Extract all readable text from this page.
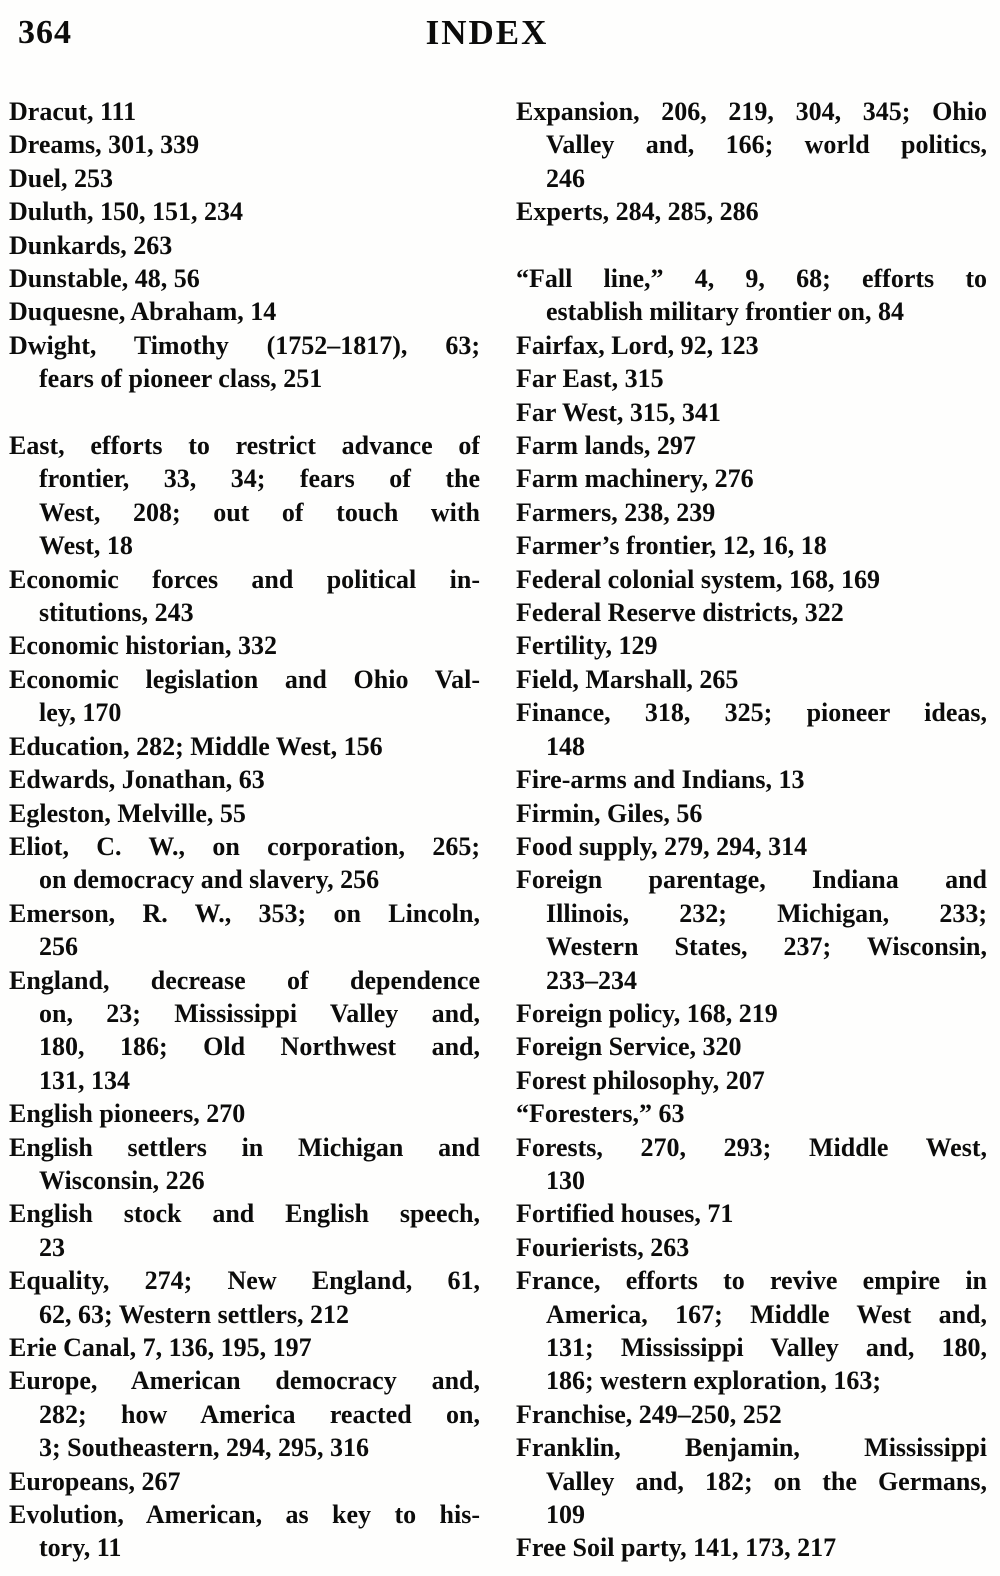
364	INDEX
Dracut, 111
Dreams, 301, 339
Duel, 253
Duluth, 150, 151, 234
Dunkards, 263
Dunstable, 48, 56
Duquesne, Abraham, 14
Dwight, Timothy (1752–1817), 63;
fears of pioneer class, 251
East, efforts to restrict advance of
frontier, 33, 34; fears of the
West, 208; out of touch with
West, 18
Economic forces and political in-
stitutions, 243
Economic historian, 332
Economic legislation and Ohio Val-
ley, 170
Education, 282; Middle West, 156
Edwards, Jonathan, 63
Egleston, Melville, 55
Eliot, C. W., on corporation, 265;
on democracy and slavery, 256
Emerson, R. W., 353; on Lincoln,
256
England, decrease of dependence
on, 23; Mississippi Valley and,
180, 186; Old Northwest and,
131, 134
English pioneers, 270
English settlers in Michigan and
Wisconsin, 226
English stock and English speech,
23
Equality, 274; New England, 61,
62, 63; Western settlers, 212
Erie Canal, 7, 136, 195, 197
Europe, American democracy and,
282; how America reacted on,
3; Southeastern, 294, 295, 316
Europeans, 267
Evolution, American, as key to his-
tory, 11
Expansion, 206, 219, 304, 345; Ohio
Valley and, 166; world politics,
246
Experts, 284, 285, 286
“Fall line,” 4, 9, 68; efforts to
establish military frontier on, 84
Fairfax, Lord, 92, 123
Far East, 315
Far West, 315, 341
Farm lands, 297
Farm machinery, 276
Farmers, 238, 239
Farmer’s frontier, 12, 16, 18
Federal colonial system, 168, 169
Federal Reserve districts, 322
Fertility, 129
Field, Marshall, 265
Finance, 318, 325; pioneer ideas,
148
Fire-arms and Indians, 13
Firmin, Giles, 56
Food supply, 279, 294, 314
Foreign parentage, Indiana and
Illinois, 232; Michigan, 233;
Western States, 237; Wisconsin,
233–234
Foreign policy, 168, 219
Foreign Service, 320
Forest philosophy, 207
“Foresters,” 63
Forests, 270, 293; Middle West,
130
Fortified houses, 71
Fourierists, 263
France, efforts to revive empire in
America, 167; Middle West and,
131; Mississippi Valley and, 180,
186; western exploration, 163;
Franchise, 249–250, 252
Franklin, Benjamin, Mississippi
Valley and, 182; on the Germans,
109
Free Soil party, 141, 173, 217
